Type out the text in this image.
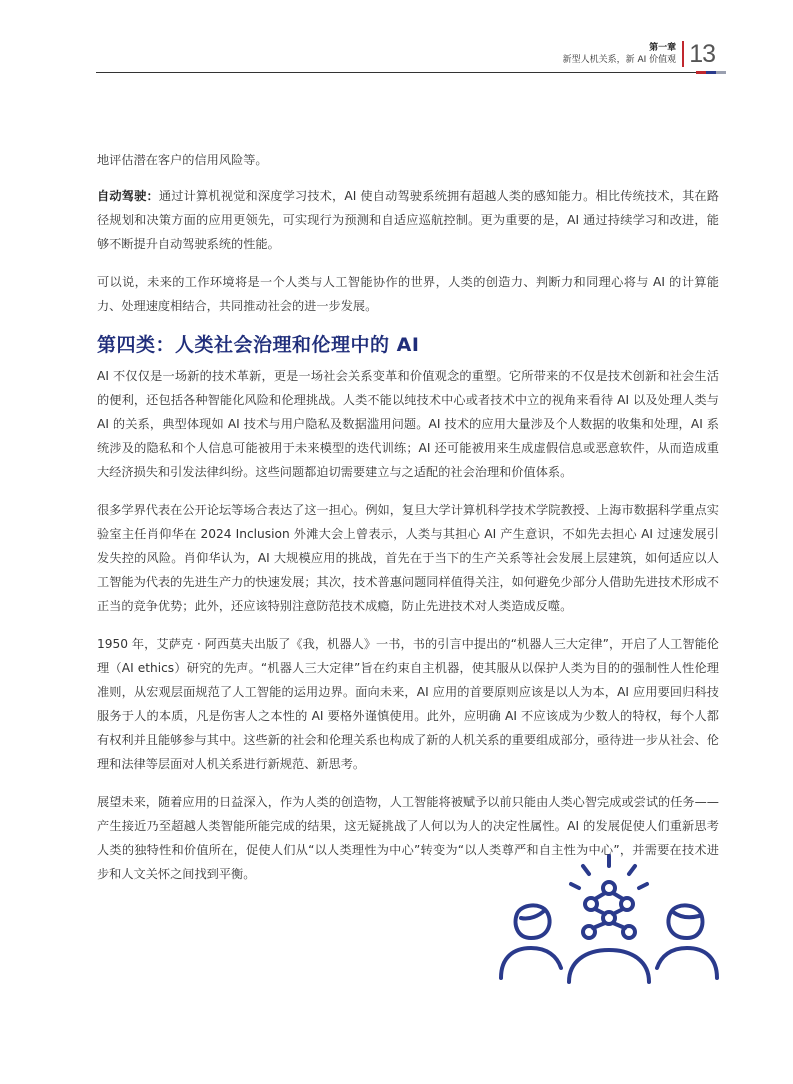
第一章
新型人机关系，新 AI 价值观 13

地评估潜在客户的信用风险等。

自动驾驶：通过计算机视觉和深度学习技术，AI 使自动驾驶系统拥有超越人类的感知能力。相比传统技术，其在路径规划和决策方面的应用更领先，可实现行为预测和自适应巡航控制。更为重要的是，AI 通过持续学习和改进，能够不断提升自动驾驶系统的性能。

可以说，未来的工作环境将是一个人类与人工智能协作的世界，人类的创造力、判断力和同理心将与 AI 的计算能力、处理速度相结合，共同推动社会的进一步发展。

第四类：人类社会治理和伦理中的 AI

AI 不仅仅是一场新的技术革新，更是一场社会关系变革和价值观念的重塑。它所带来的不仅是技术创新和社会生活的便利，还包括各种智能化风险和伦理挑战。人类不能以纯技术中心或者技术中立的视角来看待 AI 以及处理人类与 AI 的关系，典型体现如 AI 技术与用户隐私及数据滥用问题。AI 技术的应用大量涉及个人数据的收集和处理，AI 系统涉及的隐私和个人信息可能被用于未来模型的迭代训练；AI 还可能被用来生成虚假信息或恶意软件，从而造成重大经济损失和引发法律纠纷。这些问题都迫切需要建立与之适配的社会治理和价值体系。

很多学界代表在公开论坛等场合表达了这一担心。例如，复旦大学计算机科学技术学院教授、上海市数据科学重点实验室主任肖仰华在 2024 Inclusion 外滩大会上曾表示，人类与其担心 AI 产生意识，不如先去担心 AI 过速发展引发失控的风险。肖仰华认为，AI 大规模应用的挑战，首先在于当下的生产关系等社会发展上层建筑，如何适应以人工智能为代表的先进生产力的快速发展；其次，技术普惠问题同样值得关注，如何避免少部分人借助先进技术形成不正当的竞争优势；此外，还应该特别注意防范技术成瘾，防止先进技术对人类造成反噬。

1950 年，艾萨克 · 阿西莫夫出版了《我，机器人》一书，书的引言中提出的“机器人三大定律”，开启了人工智能伦理（AI ethics）研究的先声。“机器人三大定律”旨在约束自主机器，使其服从以保护人类为目的的强制性人性伦理准则，从宏观层面规范了人工智能的运用边界。面向未来，AI 应用的首要原则应该是以人为本，AI 应用要回归科技服务于人的本质，凡是伤害人之本性的 AI 要格外谨慎使用。此外，应明确 AI 不应该成为少数人的特权，每个人都有权利并且能够参与其中。这些新的社会和伦理关系也构成了新的人机关系的重要组成部分，亟待进一步从社会、伦理和法律等层面对人机关系进行新规范、新思考。

展望未来，随着应用的日益深入，作为人类的创造物，人工智能将被赋予以前只能由人类心智完成或尝试的任务——产生接近乃至超越人类智能所能完成的结果，这无疑挑战了人何以为人的决定性属性。AI 的发展促使人们重新思考人类的独特性和价值所在，促使人们从“以人类理性为中心”转变为“以人类尊严和自主性为中心”，并需要在技术进步和人文关怀之间找到平衡。
